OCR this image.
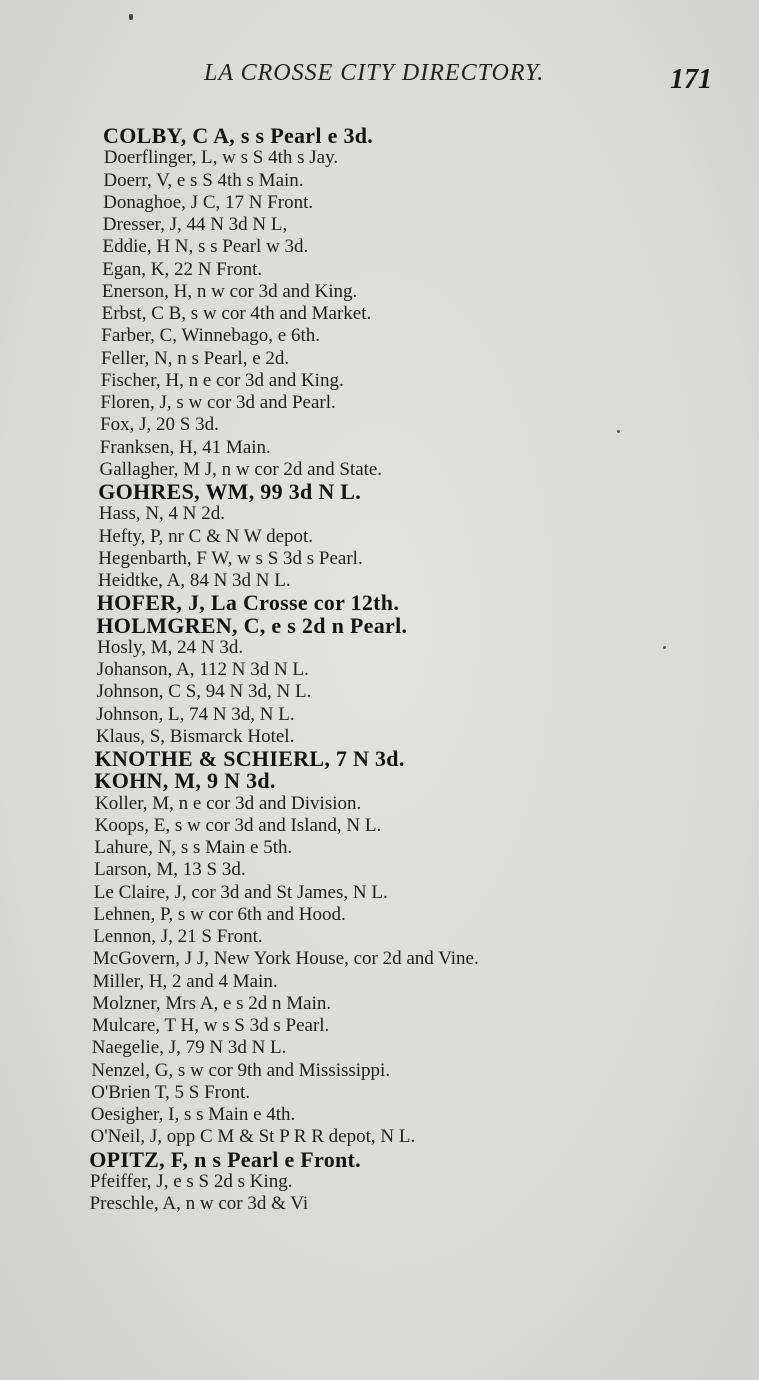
LA CROSSE CITY DIRECTORY.	171
COLBY, C A, s s Pearl e 3d.
Doerflinger, L, w s S 4th s Jay.
Doerr, V, e s S 4th s Main.
Donaghoe, J C, 17 N Front.
Dresser, J, 44 N 3d N L,
Eddie, H N, s s Pearl w 3d.
Egan, K, 22 N Front.
Enerson, H, n w cor 3d and King.
Erbst, C B, s w cor 4th and Market.
Farber, C, Winnebago, e 6th.
Feller, N, n s Pearl, e 2d.
Fischer, H, n e cor 3d and King.
Floren, J, s w cor 3d and Pearl.
Fox, J, 20 S 3d.
Franksen, H, 41 Main.
Gallagher, M J, n w cor 2d and State.
GOHRES, WM, 99 3d N L.
Hass, N, 4 N 2d.
Hefty, P, nr C & N W depot.
Hegenbarth, F W, w s S 3d s Pearl.
Heidtke, A, 84 N 3d N L.
HOFER, J, La Crosse cor 12th.
HOLMGREN, C, e s 2d n Pearl.
Hosly, M, 24 N 3d.
Johanson, A, 112 N 3d N L.
Johnson, C S, 94 N 3d, N L.
Johnson, L, 74 N 3d, N L.
Klaus, S, Bismarck Hotel.
KNOTHE & SCHIERL, 7 N 3d.
KOHN, M, 9 N 3d.
Koller, M, n e cor 3d and Division.
Koops, E, s w cor 3d and Island, N L.
Lahure, N, s s Main e 5th.
Larson, M, 13 S 3d.
Le Claire, J, cor 3d and St James, N L.
Lehnen, P, s w cor 6th and Hood.
Lennon, J, 21 S Front.
McGovern, J J, New York House, cor 2d and Vine.
Miller, H, 2 and 4 Main.
Molzner, Mrs A, e s 2d n Main.
Mulcare, T H, w s S 3d s Pearl.
Naegelie, J, 79 N 3d N L.
Nenzel, G, s w cor 9th and Mississippi.
O'Brien T, 5 S Front.
Oesigher, I, s s Main e 4th.
O'Neil, J, opp C M & St P R R depot, N L.
OPITZ, F, n s Pearl e Front.
Pfeiffer, J, e s S 2d s King.
Preschle, A, n w cor 3d & Vi
